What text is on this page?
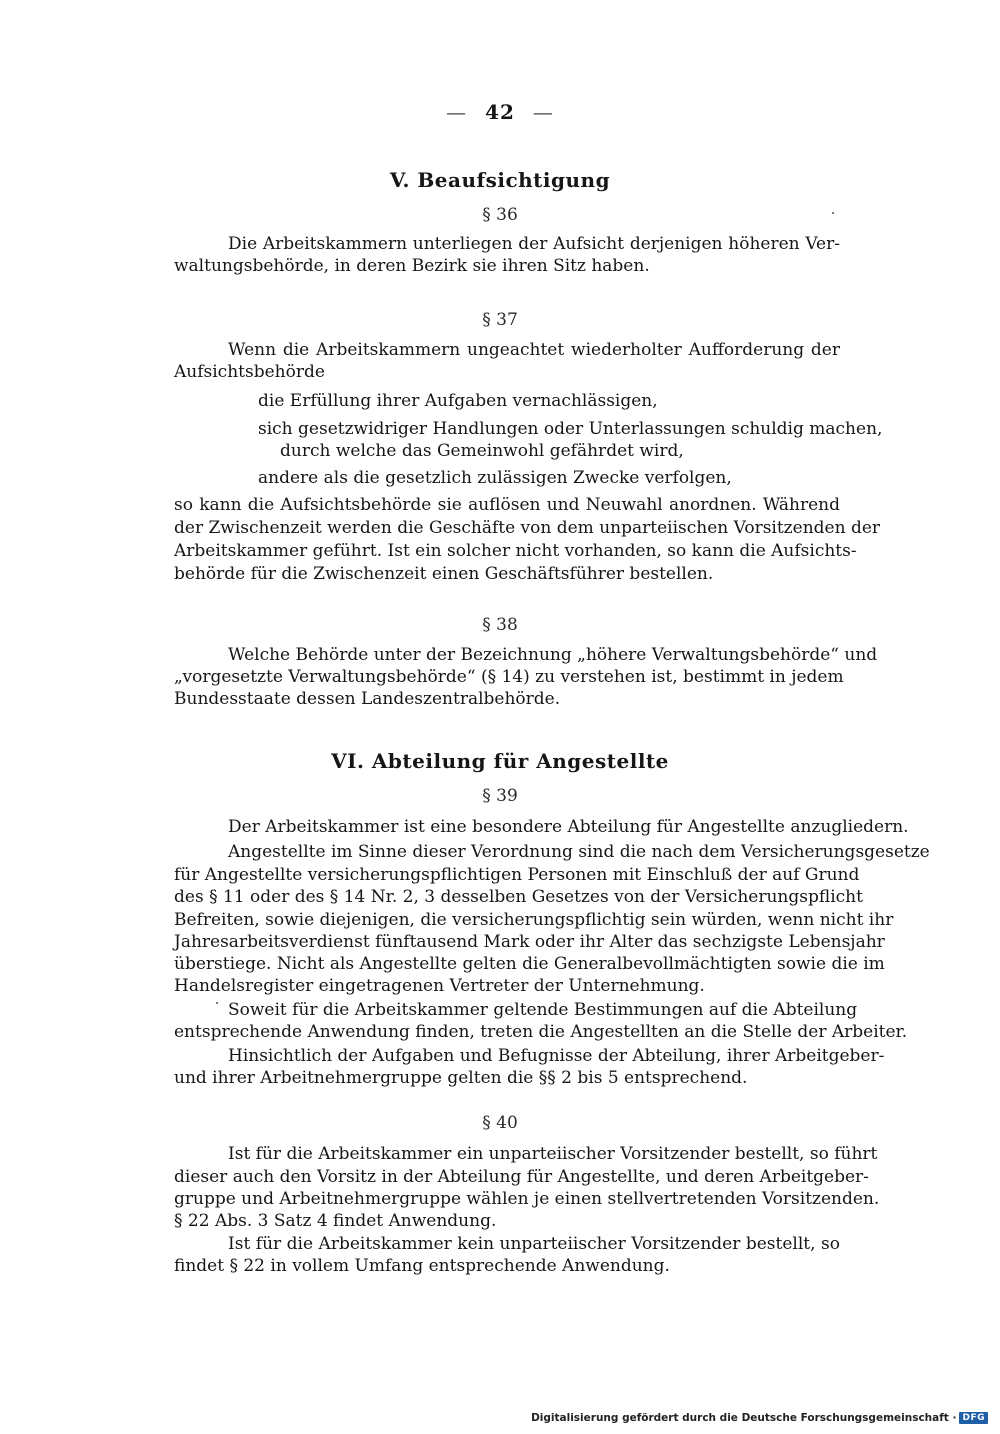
— 42 —
V. Beaufsichtigung
§ 36
Die Arbeitskammern unterliegen der Aufsicht derjenigen höheren Ver-
waltungsbehörde, in deren Bezirk sie ihren Sitz haben.
§ 37
Wenn die Arbeitskammern ungeachtet wiederholter Aufforderung der
Aufsichtsbehörde
die Erfüllung ihrer Aufgaben vernachlässigen,
sich gesetzwidriger Handlungen oder Unterlassungen schuldig machen,
durch welche das Gemeinwohl gefährdet wird,
andere als die gesetzlich zulässigen Zwecke verfolgen,
so kann die Aufsichtsbehörde sie auflösen und Neuwahl anordnen. Während
der Zwischenzeit werden die Geschäfte von dem unparteiischen Vorsitzenden der
Arbeitskammer geführt. Ist ein solcher nicht vorhanden, so kann die Aufsichts-
behörde für die Zwischenzeit einen Geschäftsführer bestellen.
§ 38
Welche Behörde unter der Bezeichnung „höhere Verwaltungsbehörde“ und
„vorgesetzte Verwaltungsbehörde“ (§ 14) zu verstehen ist, bestimmt in jedem
Bundesstaate dessen Landeszentralbehörde.
VI. Abteilung für Angestellte
§ 39
Der Arbeitskammer ist eine besondere Abteilung für Angestellte anzugliedern.
Angestellte im Sinne dieser Verordnung sind die nach dem Versicherungsgesetze
für Angestellte versicherungspflichtigen Personen mit Einschluß der auf Grund
des § 11 oder des § 14 Nr. 2, 3 desselben Gesetzes von der Versicherungspflicht
Befreiten, sowie diejenigen, die versicherungspflichtig sein würden, wenn nicht ihr
Jahresarbeitsverdienst fünftausend Mark oder ihr Alter das sechzigste Lebensjahr
überstiege. Nicht als Angestellte gelten die Generalbevollmächtigten sowie die im
Handelsregister eingetragenen Vertreter der Unternehmung.
Soweit für die Arbeitskammer geltende Bestimmungen auf die Abteilung
entsprechende Anwendung finden, treten die Angestellten an die Stelle der Arbeiter.
Hinsichtlich der Aufgaben und Befugnisse der Abteilung, ihrer Arbeitgeber-
und ihrer Arbeitnehmergruppe gelten die §§ 2 bis 5 entsprechend.
§ 40
Ist für die Arbeitskammer ein unparteiischer Vorsitzender bestellt, so führt
dieser auch den Vorsitz in der Abteilung für Angestellte, und deren Arbeitgeber-
gruppe und Arbeitnehmergruppe wählen je einen stellvertretenden Vorsitzenden.
§ 22 Abs. 3 Satz 4 findet Anwendung.
Ist für die Arbeitskammer kein unparteiischer Vorsitzender bestellt, so
findet § 22 in vollem Umfang entsprechende Anwendung.
Digitalisierung gefördert durch die Deutsche Forschungsgemeinschaft · DFG
